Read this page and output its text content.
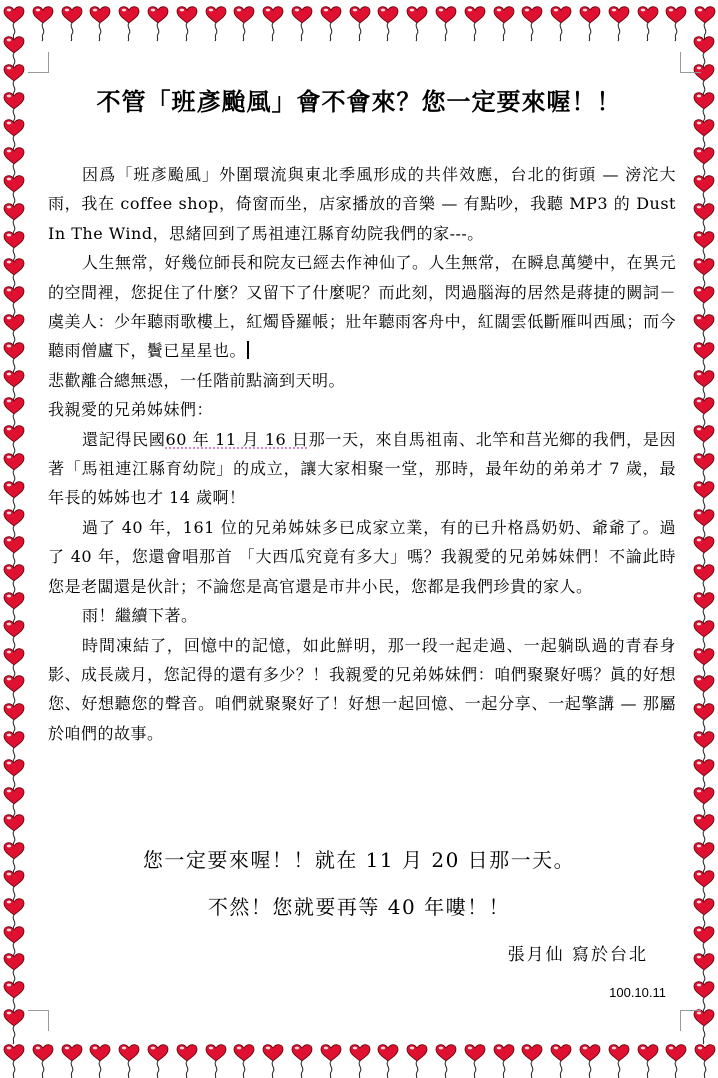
不管「班彥颱風」會不會來？您一定要來喔！！

因爲「班彥颱風」外圍環流與東北季風形成的共伴效應，台北的街頭 — 滂沱大雨，我在 coffee shop，倚窗而坐，店家播放的音樂 — 有點吵，我聽 MP3 的 Dust In The Wind，思緒回到了馬祖連江縣育幼院我們的家---。

人生無常，好幾位師長和院友已經去作神仙了。人生無常，在瞬息萬變中，在異元的空間裡，您捉住了什麼？又留下了什麼呢？而此刻，閃過腦海的居然是蔣捷的闕詞－虞美人：少年聽雨歌樓上，紅燭昏羅帳；壯年聽雨客舟中，紅闊雲低斷雁叫西風；而今聽雨僧廬下，鬢已星星也。

悲歡離合總無憑，一任階前點滴到天明。

我親愛的兄弟姊妹們：

還記得民國60 年 11 月 16 日那一天，來自馬祖南、北竿和莒光鄉的我們，是因著「馬祖連江縣育幼院」的成立，讓大家相聚一堂，那時，最年幼的弟弟才 7 歲，最年長的姊姊也才 14 歲啊！

過了 40 年，161 位的兄弟姊妹多已成家立業，有的已升格爲奶奶、爺爺了。過了 40 年，您還會唱那首 「大西瓜究竟有多大」嗎？我親愛的兄弟姊妹們！不論此時您是老闆還是伙計；不論您是高官還是市井小民，您都是我們珍貴的家人。

雨！繼續下著。

時間凍結了，回憶中的記憶，如此鮮明，那一段一起走過、一起躺臥過的青春身影、成長歲月，您記得的還有多少？！我親愛的兄弟姊妹們：咱們聚聚好嗎？眞的好想您、好想聽您的聲音。咱們就聚聚好了！好想一起回憶、一起分享、一起擎講 — 那屬於咱們的故事。

您一定要來喔！！就在 11 月 20 日那一天。
不然！您就要再等 40 年嘍！！
張月仙 寫於台北
100.10.11
